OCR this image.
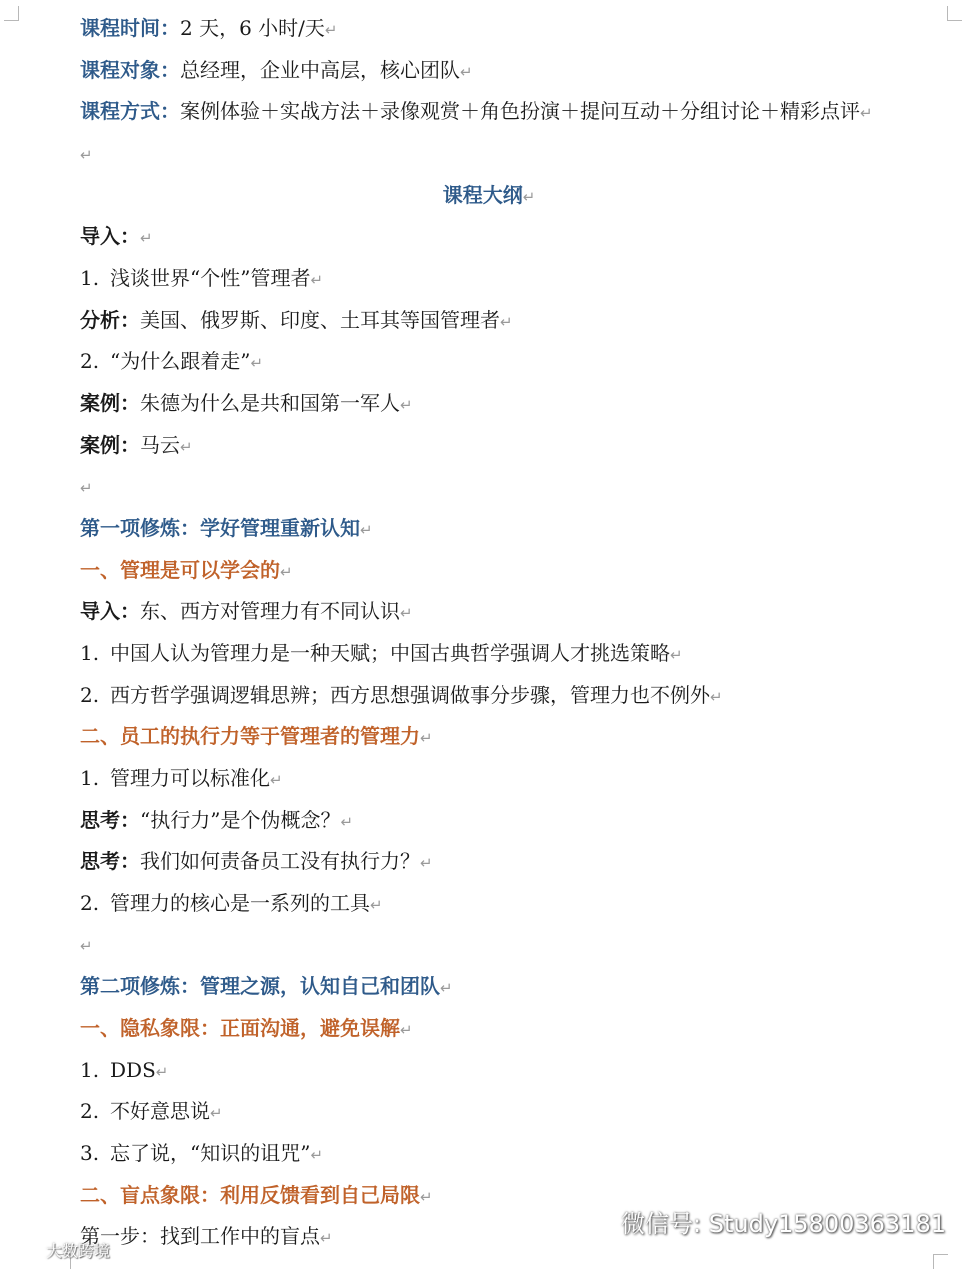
课程时间：2 天，6 小时/天↵
课程对象：总经理，企业中高层，核心团队↵
课程方式：案例体验＋实战方法＋录像观赏＋角色扮演＋提问互动＋分组讨论＋精彩点评↵
↵
课程大纲↵
导入：↵
1. 浅谈世界“个性”管理者↵
分析：美国、俄罗斯、印度、土耳其等国管理者↵
2. “为什么跟着走”↵
案例：朱德为什么是共和国第一军人↵
案例：马云↵
↵
第一项修炼：学好管理重新认知↵
一、管理是可以学会的↵
导入：东、西方对管理力有不同认识↵
1. 中国人认为管理力是一种天赋；中国古典哲学强调人才挑选策略↵
2. 西方哲学强调逻辑思辨；西方思想强调做事分步骤，管理力也不例外↵
二、员工的执行力等于管理者的管理力↵
1. 管理力可以标准化↵
思考：“执行力”是个伪概念？↵
思考：我们如何责备员工没有执行力？↵
2. 管理力的核心是一系列的工具↵
↵
第二项修炼：管理之源，认知自己和团队↵
一、隐私象限：正面沟通，避免误解↵
1. DDS↵
2. 不好意思说↵
3. 忘了说，“知识的诅咒”↵
二、盲点象限：利用反馈看到自己局限↵
第一步：找到工作中的盲点↵	微信号: Study15800363181
大数跨境
